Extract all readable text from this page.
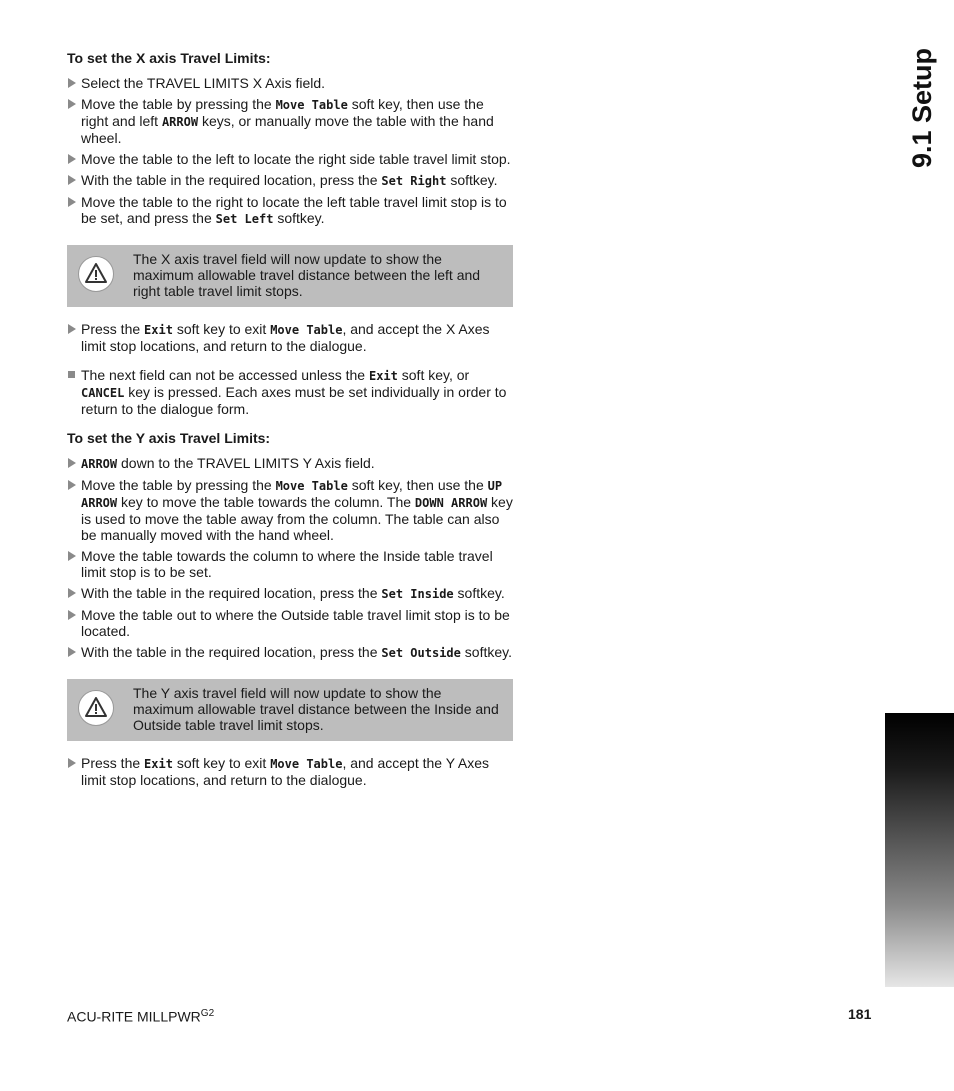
To set the X axis Travel Limits:
Select the TRAVEL LIMITS X Axis field.
Move the table by pressing the Move Table soft key, then use the right and left ARROW keys, or manually move the table with the hand wheel.
Move the table to the left to locate the right side table travel limit stop.
With the table in the required location, press the Set Right softkey.
Move the table to the right to locate the left table travel limit stop is to be set, and press the Set Left softkey.
The X axis travel field will now update to show the maximum allowable travel distance between the left and right table travel limit stops.
Press the Exit soft key to exit Move Table, and accept the X Axes limit stop locations, and return to the dialogue.
The next field can not be accessed unless the Exit soft key, or CANCEL key is pressed. Each axes must be set individually in order to return to the dialogue form.
To set the Y axis Travel Limits:
ARROW down to the TRAVEL LIMITS Y Axis field.
Move the table by pressing the Move Table soft key, then use the UP ARROW key to move the table towards the column. The DOWN ARROW key is used to move the table away from the column. The table can also be manually moved with the hand wheel.
Move the table towards the column to where the Inside table travel limit stop is to be set.
With the table in the required location, press the Set Inside softkey.
Move the table out to where the Outside table travel limit stop is to be located.
With the table in the required location, press the Set Outside softkey.
The Y axis travel field will now update to show the maximum allowable travel distance between the Inside and Outside table travel limit stops.
Press the Exit soft key to exit Move Table, and accept the Y Axes limit stop locations, and return to the dialogue.
9.1 Setup
ACU-RITE $MILLPWR^{G2}$	181
